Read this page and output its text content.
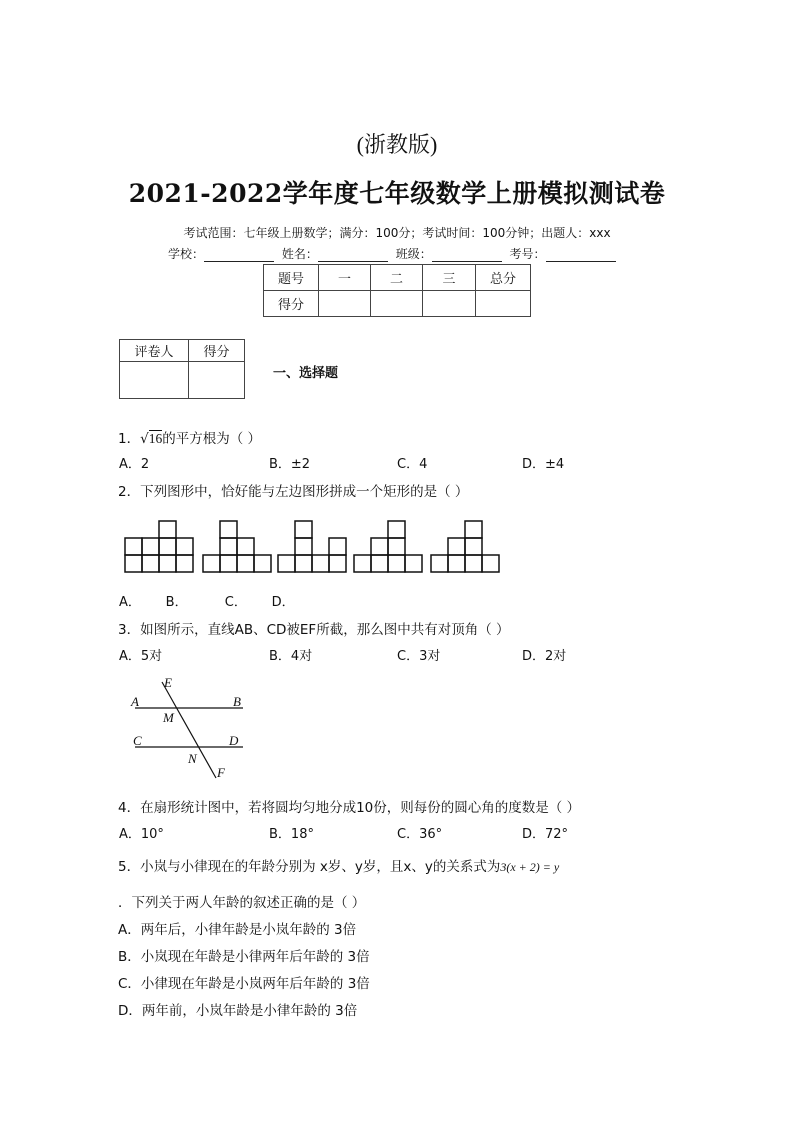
(浙教版)
2021-2022学年度七年级数学上册模拟测试卷
考试范围：七年级上册数学；满分：100分；考试时间：100分钟；出题人：xxx
学校：	姓名：	班级：	考号：
题号	一	二	三	总分
得分				
评卷人	得分

一、选择题
1．√16的平方根为（ ）
A．2	B．±2	C．4	D．±4
2．下列图形中，恰好能与左边图形拼成一个矩形的是（ ）
A．      B．         C．      D．
3．如图所示，直线AB、CD被EF所截，那么图中共有对顶角（ ）
A．5对	B．4对	C．3对	D．2对
E
A	B
M
C	D
N
F
4．在扇形统计图中，若将圆均匀地分成10份，则每份的圆心角的度数是（ ）
A．10°	B．18°	C．36°	D．72°
5．小岚与小律现在的年龄分别为 x岁、y岁，且x、y的关系式为3(x + 2) = y
．下列关于两人年龄的叙述正确的是（ ）
A．两年后，小律年龄是小岚年龄的 3倍
B．小岚现在年龄是小律两年后年龄的 3倍
C．小律现在年龄是小岚两年后年龄的 3倍
D．两年前，小岚年龄是小律年龄的 3倍
